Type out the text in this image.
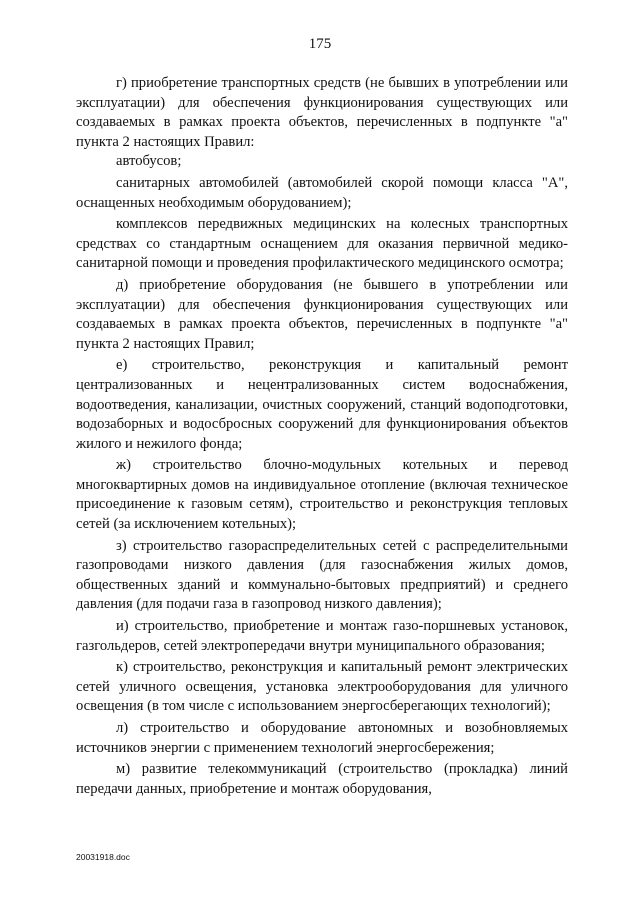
175

г) приобретение транспортных средств (не бывших в употреблении или эксплуатации) для обеспечения функционирования существующих или создаваемых в рамках проекта объектов, перечисленных в подпункте "а" пункта 2 настоящих Правил:

автобусов;

санитарных автомобилей (автомобилей скорой помощи класса "А", оснащенных необходимым оборудованием);

комплексов передвижных медицинских на колесных транспортных средствах со стандартным оснащением для оказания первичной медико-санитарной помощи и проведения профилактического медицинского осмотра;

д) приобретение оборудования (не бывшего в употреблении или эксплуатации) для обеспечения функционирования существующих или создаваемых в рамках проекта объектов, перечисленных в подпункте "а" пункта 2 настоящих Правил;

е) строительство, реконструкция и капитальный ремонт централизованных и нецентрализованных систем водоснабжения, водоотведения, канализации, очистных сооружений, станций водоподготовки, водозаборных и водосбросных сооружений для функционирования объектов жилого и нежилого фонда;

ж) строительство блочно-модульных котельных и перевод многоквартирных домов на индивидуальное отопление (включая техническое присоединение к газовым сетям), строительство и реконструкция тепловых сетей (за исключением котельных);

з) строительство газораспределительных сетей с распределительными газопроводами низкого давления (для газоснабжения жилых домов, общественных зданий и коммунально-бытовых предприятий) и среднего давления (для подачи газа в газопровод низкого давления);

и) строительство, приобретение и монтаж газо-поршневых установок, газгольдеров, сетей электропередачи внутри муниципального образования;

к) строительство, реконструкция и капитальный ремонт электрических сетей уличного освещения, установка электрооборудования для уличного освещения (в том числе с использованием энергосберегающих технологий);

л) строительство и оборудование автономных и возобновляемых источников энергии с применением технологий энергосбережения;

м) развитие телекоммуникаций (строительство (прокладка) линий передачи данных, приобретение и монтаж оборудования,

20031918.doc
